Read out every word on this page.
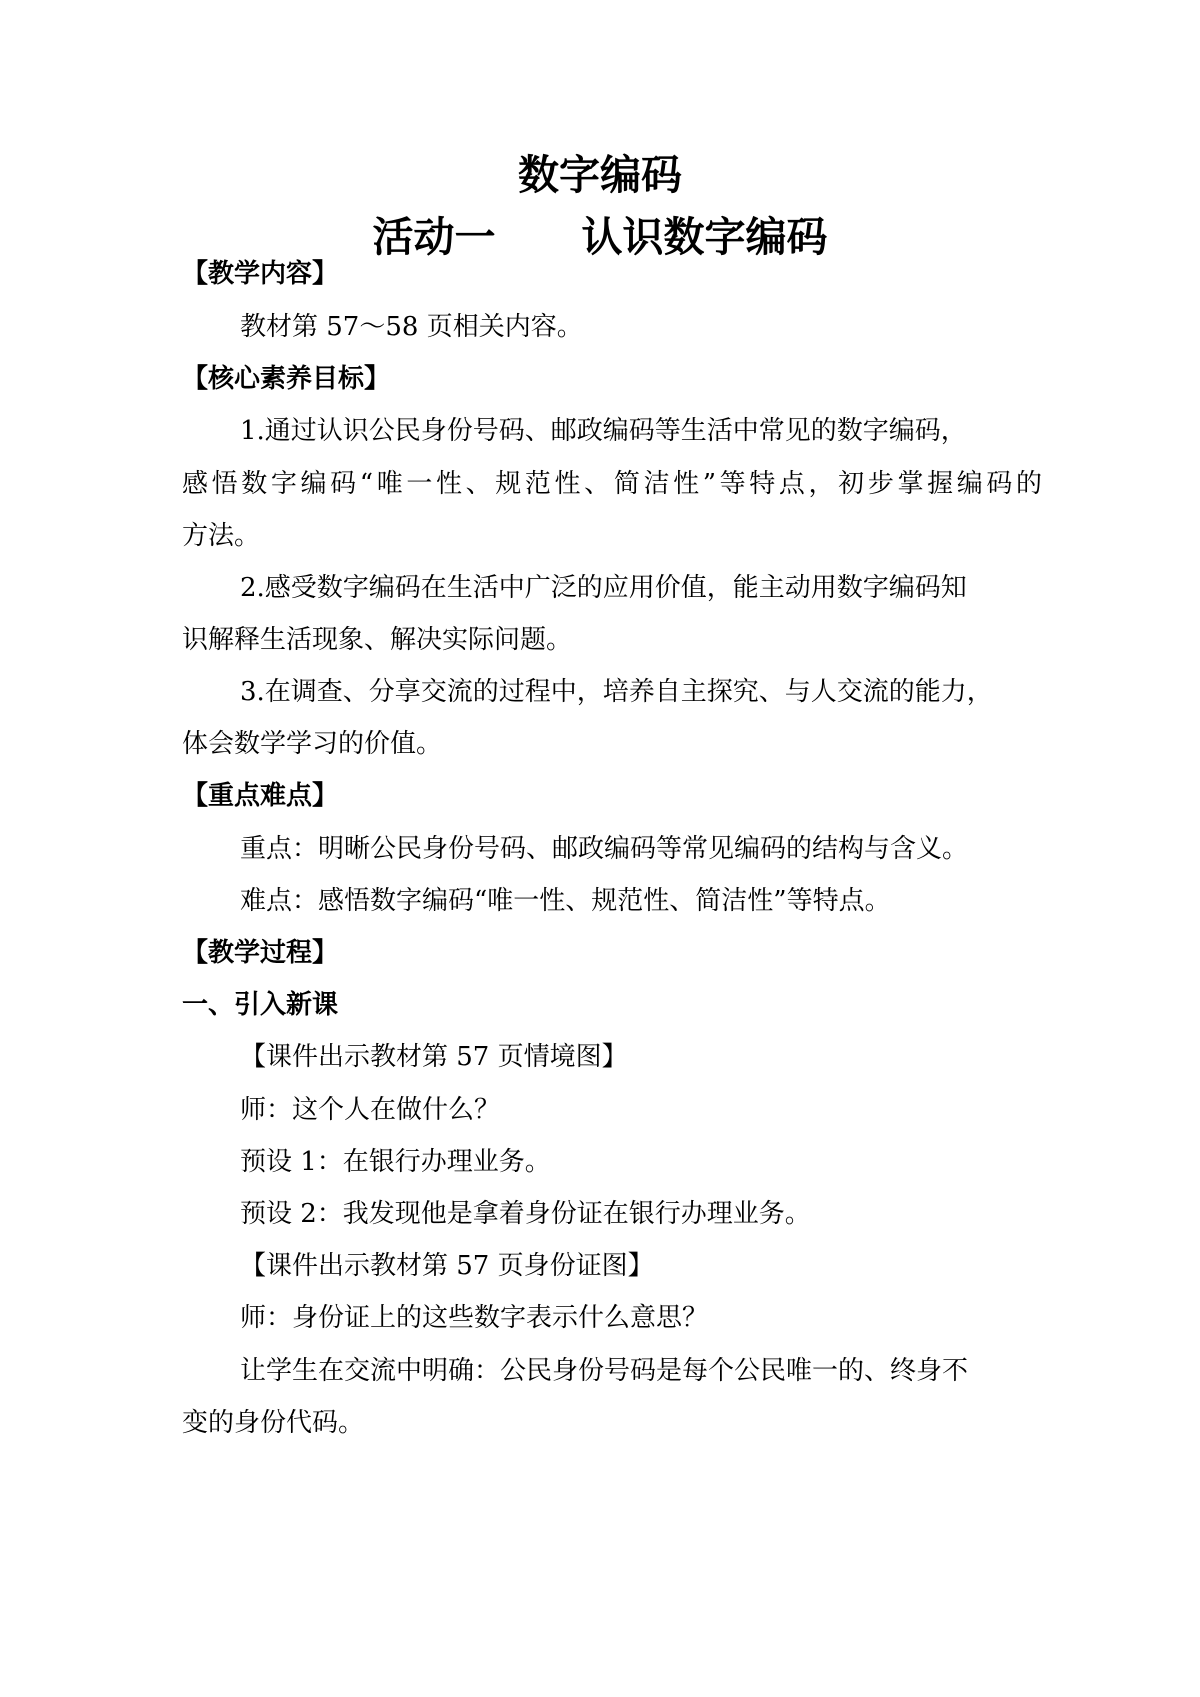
数字编码
活动一 认识数字编码
【教学内容】
教材第 57～58 页相关内容。
【核心素养目标】
1.通过认识公民身份号码、邮政编码等生活中常见的数字编码，
感悟数字编码“唯一性、规范性、简洁性”等特点，初步掌握编码的
方法。
2.感受数字编码在生活中广泛的应用价值，能主动用数字编码知
识解释生活现象、解决实际问题。
3.在调查、分享交流的过程中，培养自主探究、与人交流的能力，
体会数学学习的价值。
【重点难点】
重点：明晰公民身份号码、邮政编码等常见编码的结构与含义。
难点：感悟数字编码“唯一性、规范性、简洁性”等特点。
【教学过程】
一、引入新课
【课件出示教材第 57 页情境图】
师：这个人在做什么？
预设 1：在银行办理业务。
预设 2：我发现他是拿着身份证在银行办理业务。
【课件出示教材第 57 页身份证图】
师：身份证上的这些数字表示什么意思？
让学生在交流中明确：公民身份号码是每个公民唯一的、终身不
变的身份代码。
